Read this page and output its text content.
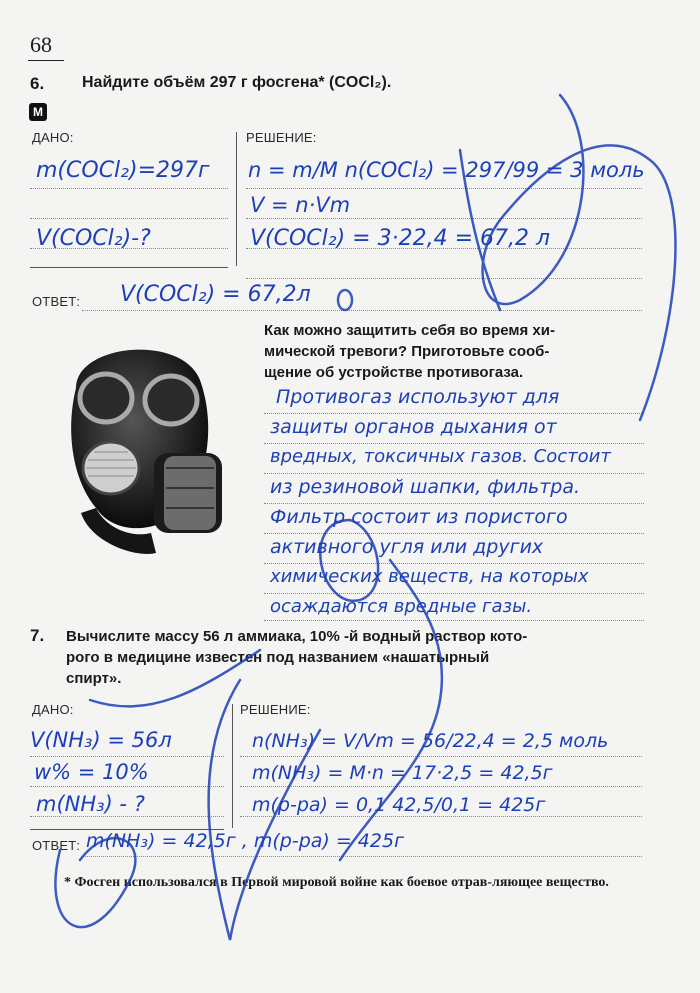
68
6. Найдите объём 297 г фосгена* (COCl₂).
M
ДАНО:	РЕШЕНИЕ:
m(COCl₂)=297г
V(COCl₂)-?
n = m/M n(COCl₂) = 297/99 = 3 моль
V = n·Vm
V(COCl₂) = 3·22,4 = 67,2 л
ОТВЕТ: V(COCl₂) = 67,2л
Как можно защитить себя во время хи-
мической тревоги? Приготовьте сооб-
щение об устройстве противогаза.
Противогаз используют для
защиты органов дыхания от
вредных, токсичных газов. Состоит
из резиновой шапки, фильтра.
Фильтр состоит из пористого
активного угля или других
химических веществ, на которых
осаждаются вредные газы.
7. Вычислите массу 56 л аммиака, 10% -й водный раствор кото-
рого в медицине известен под названием «нашатырный
спирт».
ДАНО:	РЕШЕНИЕ:
V(NH₃) = 56л
w% = 10%
m(NH₃) - ?
n(NH₃) = V/Vm = 56/22,4 = 2,5 моль
m(NH₃) = M·n = 17·2,5 = 42,5г
m(р-ра) = 0,1 42,5/0,1 = 425г
ОТВЕТ: m(NH₃) = 42,5г , m(р-ра) = 425г
* Фосген использовался в Первой мировой войне как боевое отрав-ляющее вещество.
